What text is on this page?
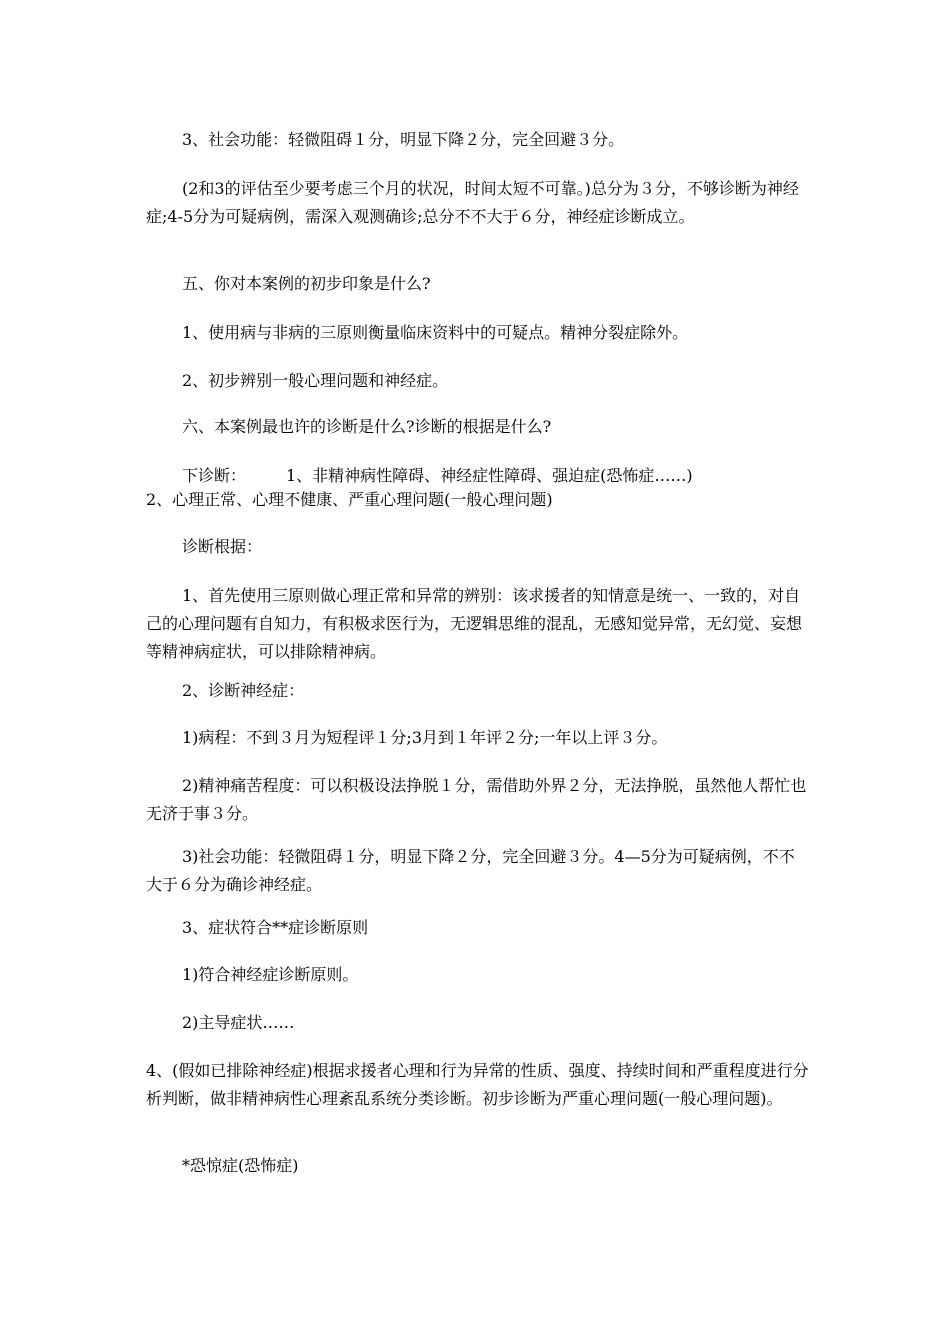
3、社会功能：轻微阻碍１分，明显下降２分，完全回避３分。

(2和3的评估至少要考虑三个月的状况，时间太短不可靠。)总分为３分，不够诊断为神经症;4-5分为可疑病例，需深入观测确诊;总分不不大于６分，神经症诊断成立。

五、你对本案例的初步印象是什么?

1、使用病与非病的三原则衡量临床资料中的可疑点。精神分裂症除外。

2、初步辨别一般心理问题和神经症。

六、本案例最也许的诊断是什么?诊断的根据是什么?

下诊断：　　　1、非精神病性障碍、神经症性障碍、强迫症(恐怖症……)

2、心理正常、心理不健康、严重心理问题(一般心理问题)

诊断根据：

1、首先使用三原则做心理正常和异常的辨别：该求援者的知情意是统一、一致的，对自己的心理问题有自知力，有积极求医行为，无逻辑思维的混乱，无感知觉异常，无幻觉、妄想等精神病症状，可以排除精神病。

2、诊断神经症：

1)病程：不到３月为短程评１分;3月到１年评２分;一年以上评３分。

2)精神痛苦程度：可以积极设法挣脱１分，需借助外界２分，无法挣脱，虽然他人帮忙也无济于事３分。

3)社会功能：轻微阻碍１分，明显下降２分，完全回避３分。4—5分为可疑病例，不不大于６分为确诊神经症。

3、症状符合**症诊断原则

1)符合神经症诊断原则。

2)主导症状……

4、(假如已排除神经症)根据求援者心理和行为异常的性质、强度、持续时间和严重程度进行分析判断，做非精神病性心理紊乱系统分类诊断。初步诊断为严重心理问题(一般心理问题)。

*恐惊症(恐怖症)
